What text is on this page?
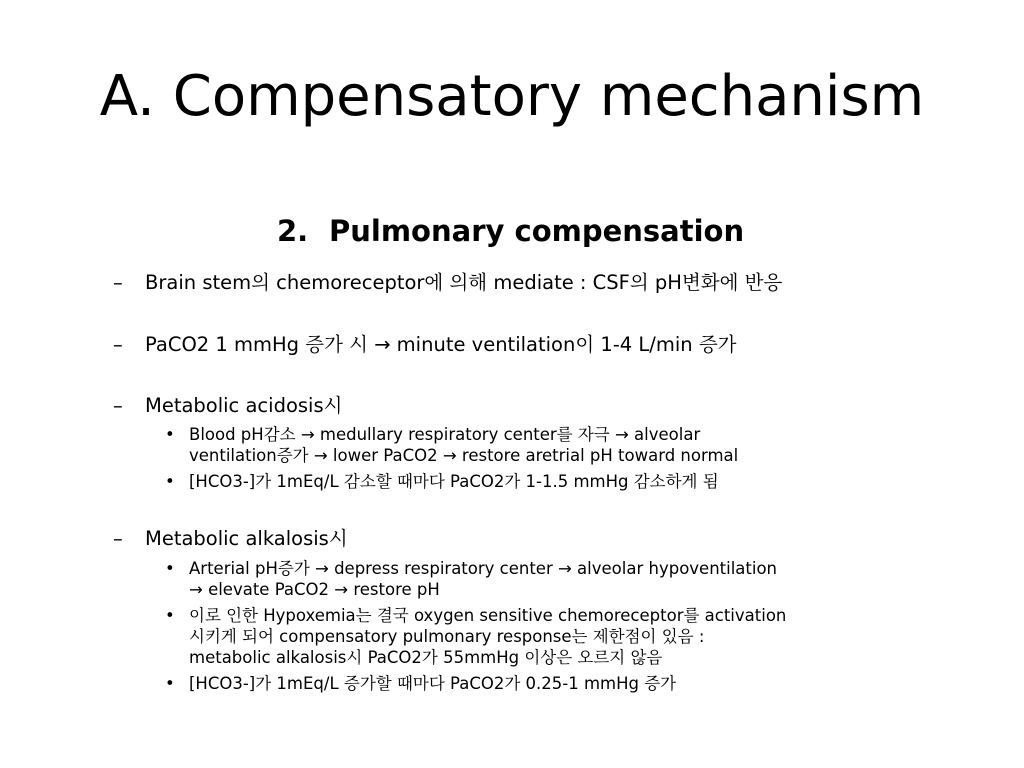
A. Compensatory mechanism
2. Pulmonary compensation
– Brain stem의 chemoreceptor에 의해 mediate : CSF의 pH변화에 반응
– PaCO2 1 mmHg 증가 시 → minute ventilation이 1-4 L/min 증가
– Metabolic acidosis시
• Blood pH감소 → medullary respiratory center를 자극 → alveolar
ventilation증가 → lower PaCO2 → restore aretrial pH toward normal
• [HCO3-]가 1mEq/L 감소할 때마다 PaCO2가 1-1.5 mmHg 감소하게 됨
– Metabolic alkalosis시
• Arterial pH증가 → depress respiratory center → alveolar hypoventilation
→ elevate PaCO2 → restore pH
• 이로 인한 Hypoxemia는 결국 oxygen sensitive chemoreceptor를 activation
시키게 되어 compensatory pulmonary response는 제한점이 있음 :
metabolic alkalosis시 PaCO2가 55mmHg 이상은 오르지 않음
• [HCO3-]가 1mEq/L 증가할 때마다 PaCO2가 0.25-1 mmHg 증가
